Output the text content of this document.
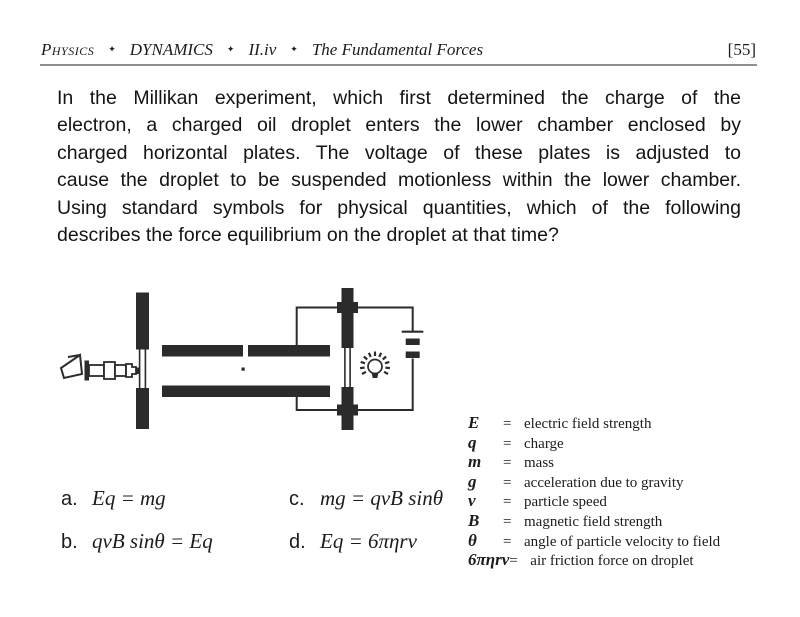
Physics ✦ DYNAMICS ✦ II.iv ✦ The Fundamental Forces	[55]
In the Millikan experiment, which first determined the charge of the
electron, a charged oil droplet enters the lower chamber enclosed by
charged horizontal plates. The voltage of these plates is adjusted to
cause the droplet to be suspended motionless within the lower chamber.
Using standard symbols for physical quantities, which of the following
describes the force equilibrium on the droplet at that time?
E	= electric field strength
q	= charge
m	= mass
g	= acceleration due to gravity
v	= particle speed
B	= magnetic field strength
θ	= angle of particle velocity to field
6πηrv = air friction force on droplet
a. Eq = mg
b. qvB sinθ = Eq
c. mg = qvB sinθ
d. Eq = 6πηrv
